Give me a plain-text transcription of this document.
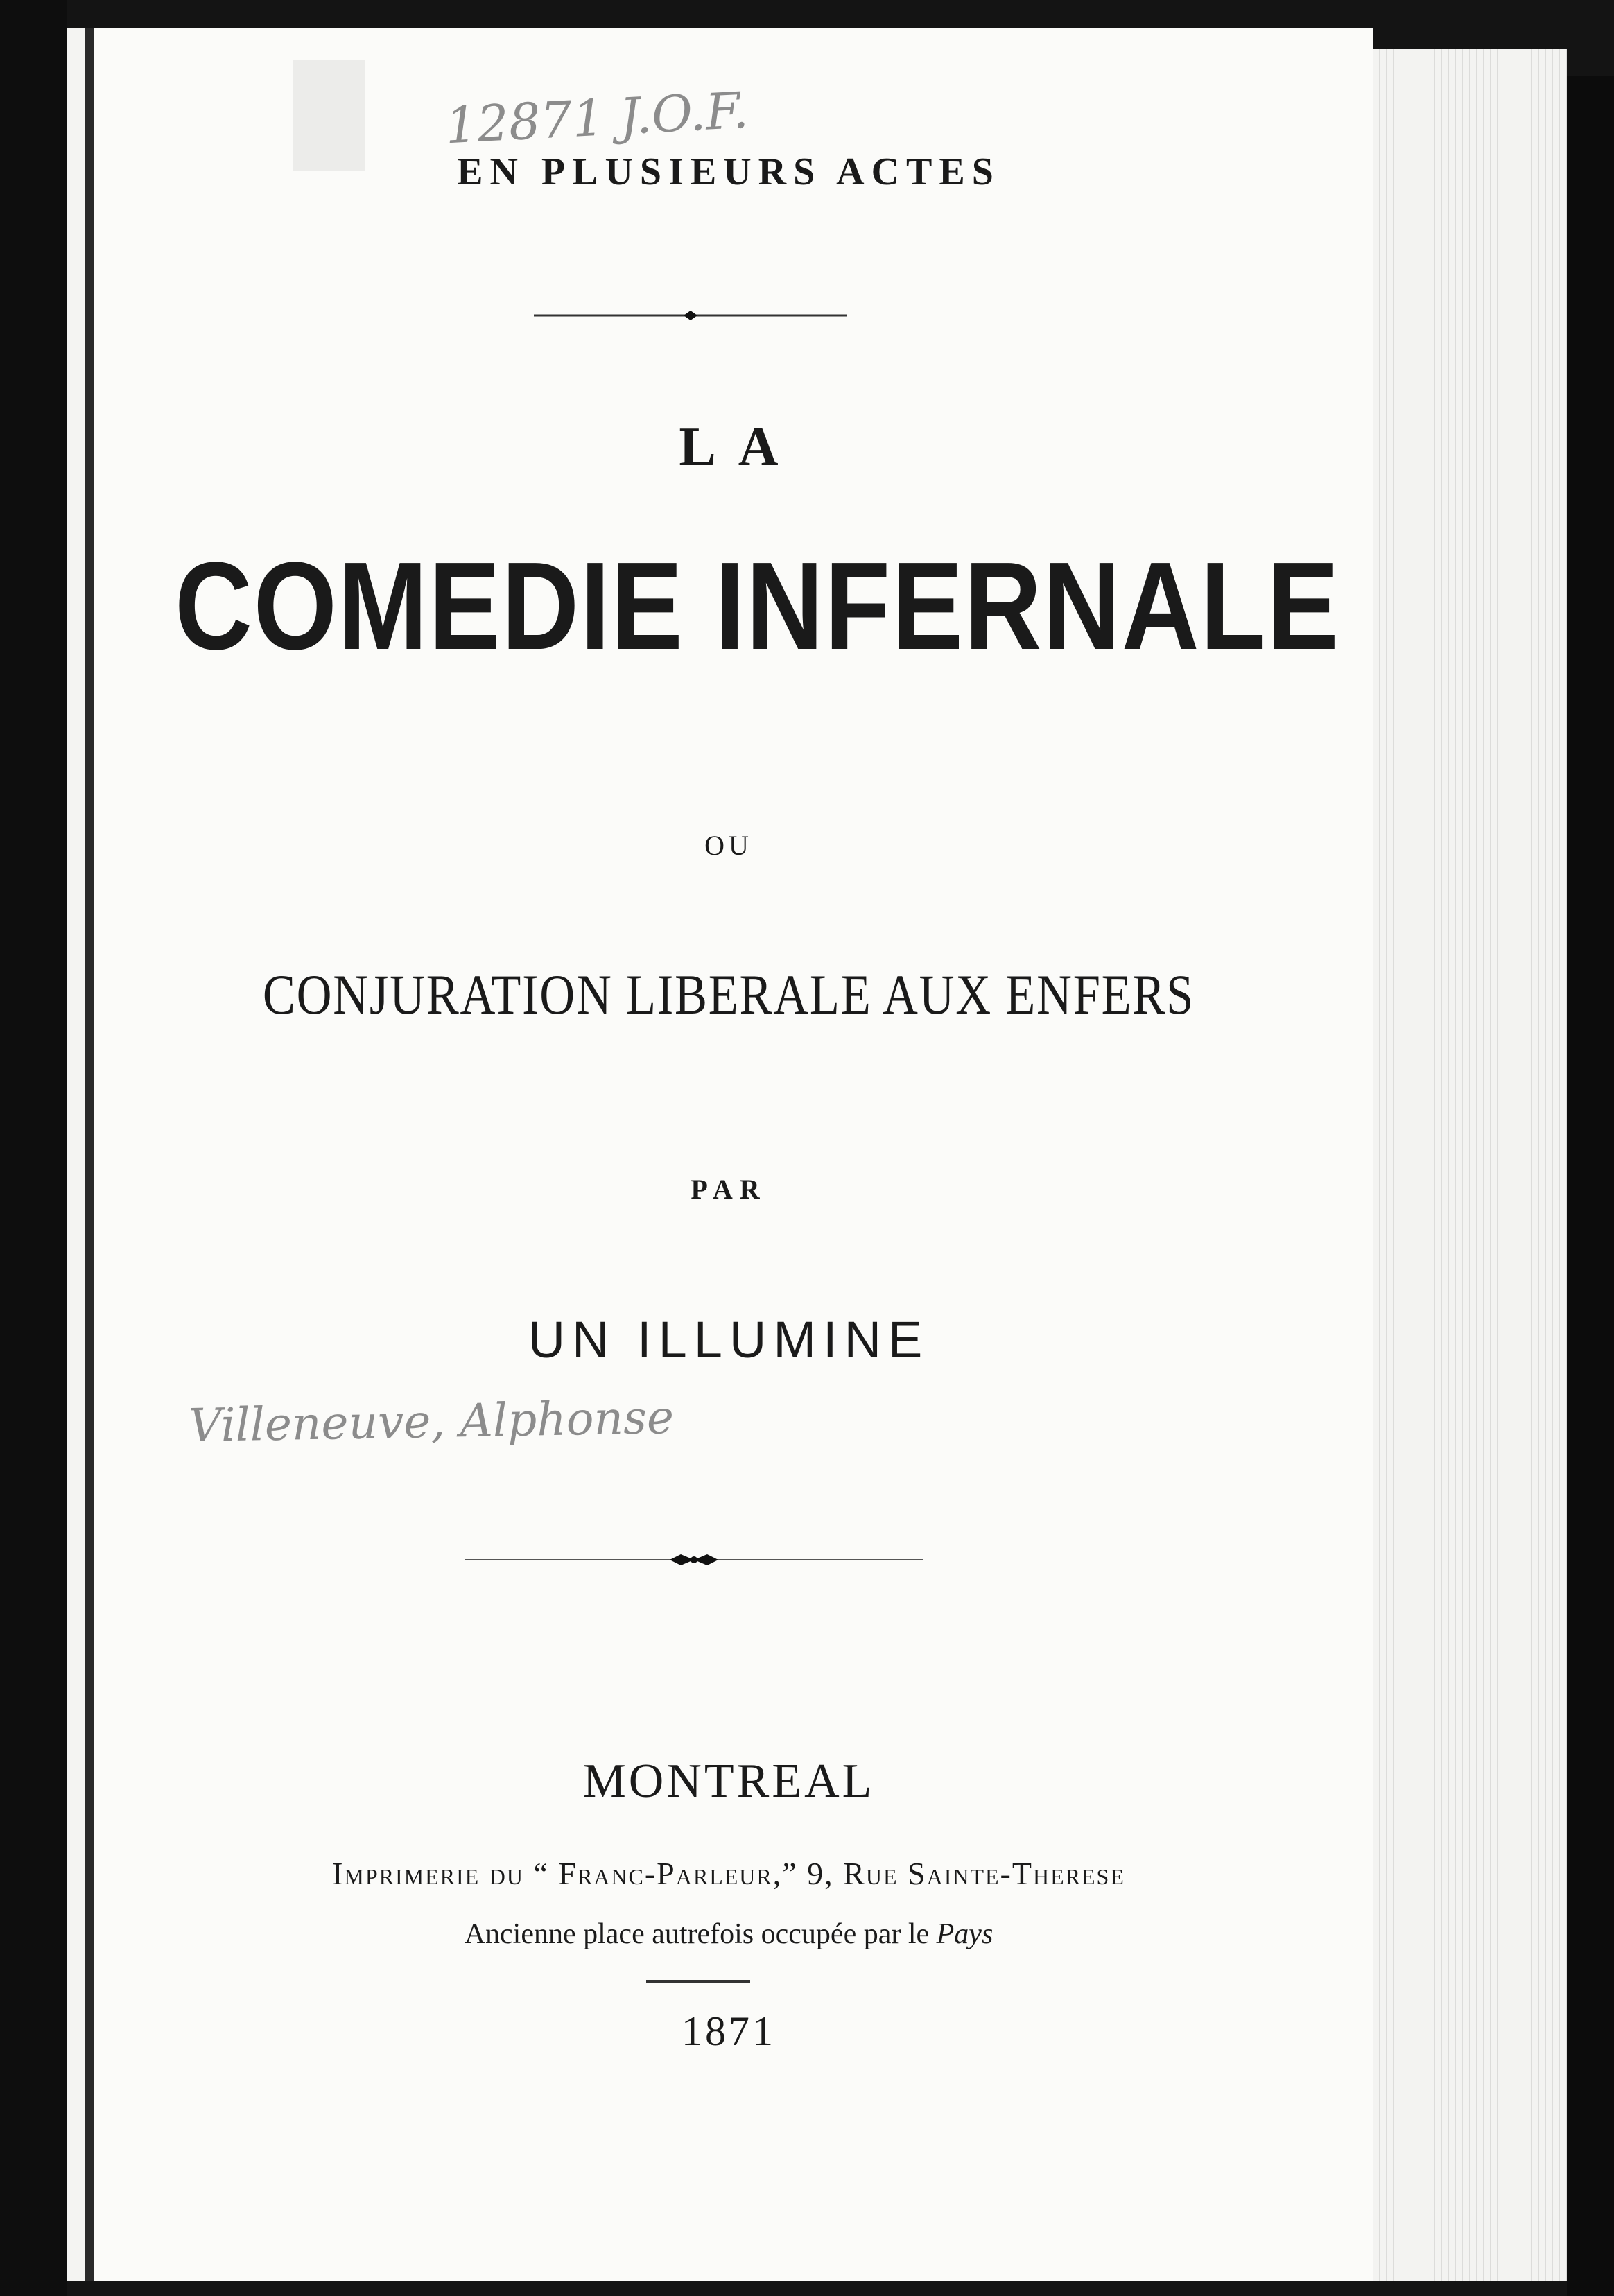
12871 J.O.F.
EN PLUSIEURS ACTES
LA
COMEDIE INFERNALE
OU
CONJURATION LIBERALE AUX ENFERS
PAR
UN ILLUMINE
Villeneuve, Alphonse
MONTREAL
Imprimerie du “ Franc-Parleur,” 9, Rue Sainte-Therese
Ancienne place autrefois occupée par le Pays
1871
